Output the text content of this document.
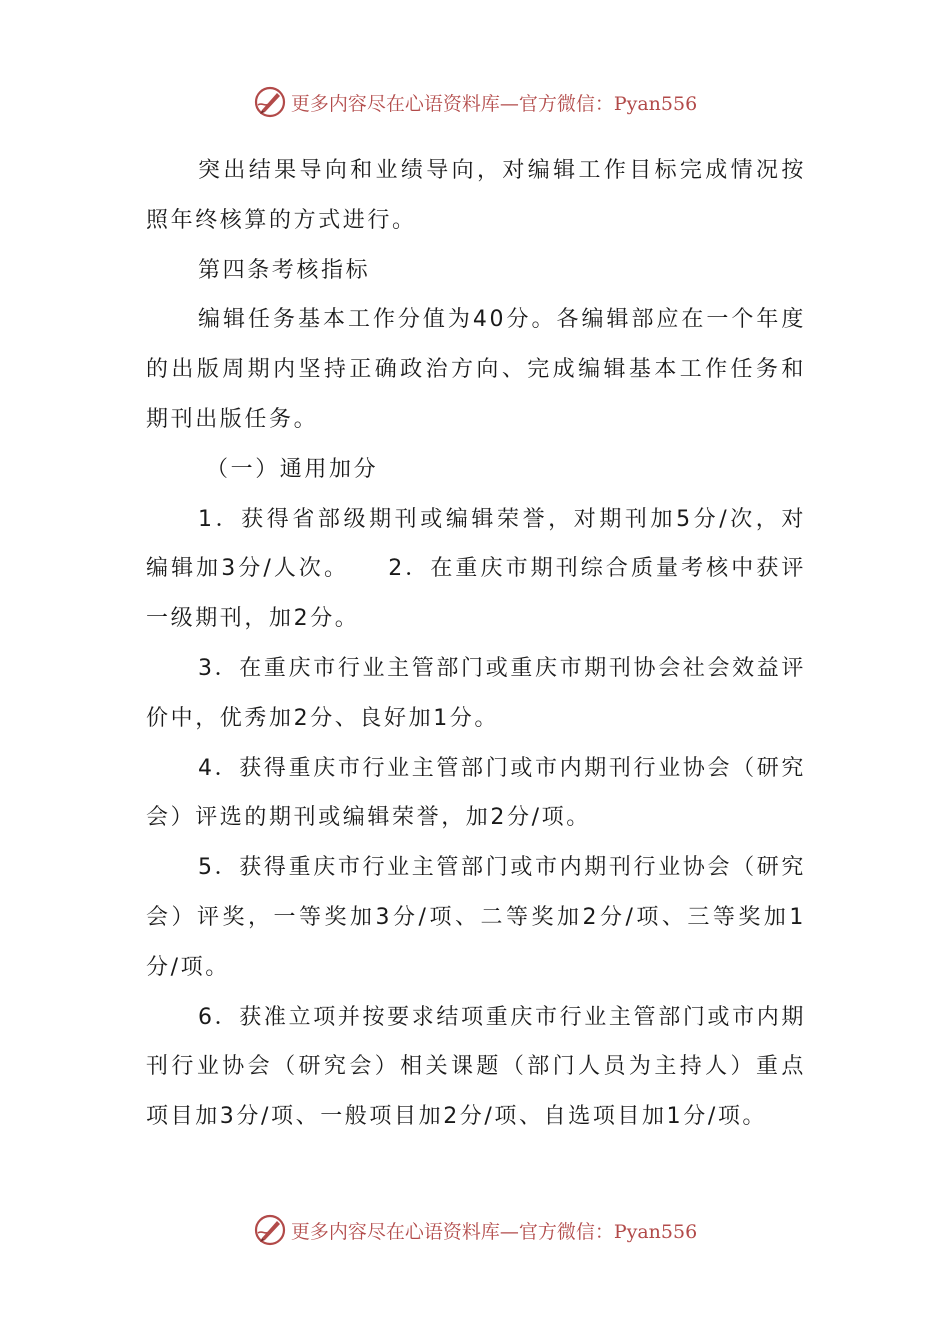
更多内容尽在心语资料库—官方微信：Pyan556

突出结果导向和业绩导向，对编辑工作目标完成情况按照年终核算的方式进行。

第四条考核指标

编辑任务基本工作分值为40分。各编辑部应在一个年度的出版周期内坚持正确政治方向、完成编辑基本工作任务和期刊出版任务。

（一）通用加分

1．获得省部级期刊或编辑荣誉，对期刊加5分/次，对编辑加3分/人次。　　2．在重庆市期刊综合质量考核中获评一级期刊，加2分。

3．在重庆市行业主管部门或重庆市期刊协会社会效益评价中，优秀加2分、良好加1分。

4．获得重庆市行业主管部门或市内期刊行业协会（研究会）评选的期刊或编辑荣誉，加2分/项。

5．获得重庆市行业主管部门或市内期刊行业协会（研究会）评奖，一等奖加3分/项、二等奖加2分/项、三等奖加1分/项。

6．获准立项并按要求结项重庆市行业主管部门或市内期刊行业协会（研究会）相关课题（部门人员为主持人）重点项目加3分/项、一般项目加2分/项、自选项目加1分/项。

更多内容尽在心语资料库—官方微信：Pyan556
